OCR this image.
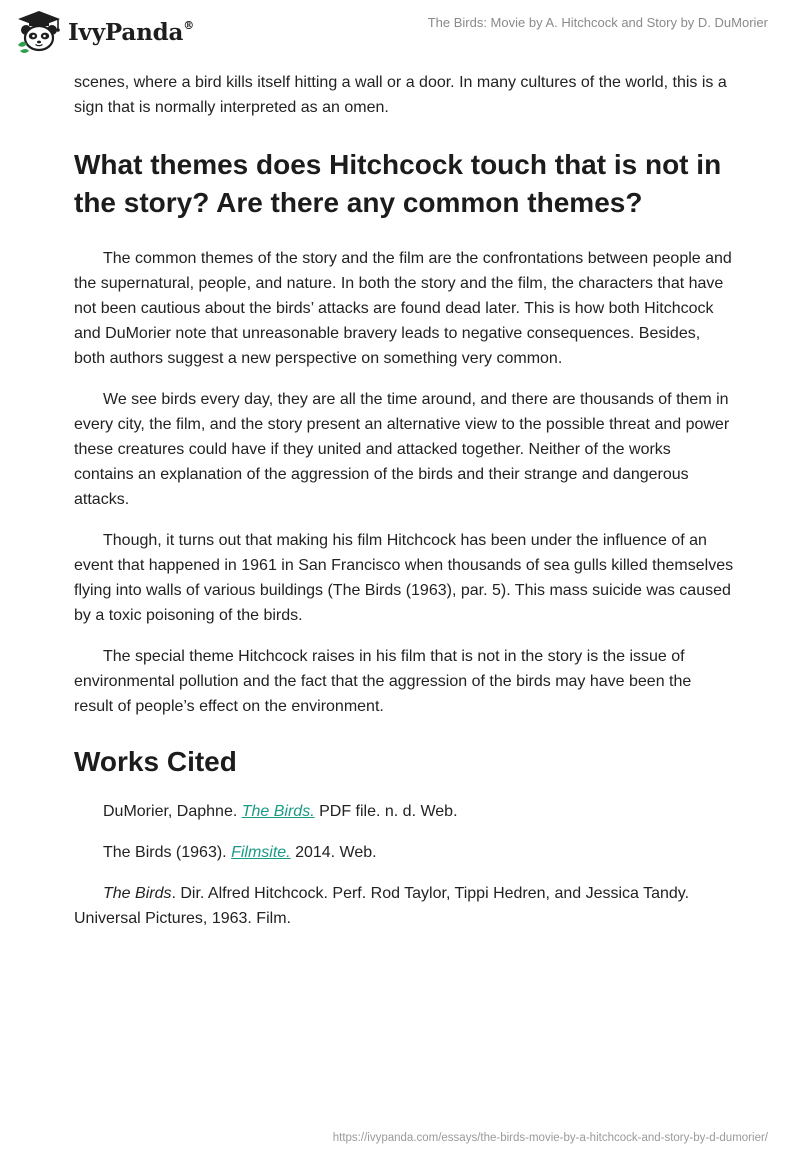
IvyPanda®	The Birds: Movie by A. Hitchcock and Story by D. DuMorier

scenes, where a bird kills itself hitting a wall or a door. In many cultures of the world, this is a sign that is normally interpreted as an omen.

What themes does Hitchcock touch that is not in the story? Are there any common themes?

The common themes of the story and the film are the confrontations between people and the supernatural, people, and nature. In both the story and the film, the characters that have not been cautious about the birds’ attacks are found dead later. This is how both Hitchcock and DuMorier note that unreasonable bravery leads to negative consequences. Besides, both authors suggest a new perspective on something very common.

We see birds every day, they are all the time around, and there are thousands of them in every city, the film, and the story present an alternative view to the possible threat and power these creatures could have if they united and attacked together. Neither of the works contains an explanation of the aggression of the birds and their strange and dangerous attacks.

Though, it turns out that making his film Hitchcock has been under the influence of an event that happened in 1961 in San Francisco when thousands of sea gulls killed themselves flying into walls of various buildings (The Birds (1963), par. 5). This mass suicide was caused by a toxic poisoning of the birds.

The special theme Hitchcock raises in his film that is not in the story is the issue of environmental pollution and the fact that the aggression of the birds may have been the result of people’s effect on the environment.

Works Cited

DuMorier, Daphne. The Birds. PDF file. n. d. Web.

The Birds (1963). Filmsite. 2014. Web.

The Birds. Dir. Alfred Hitchcock. Perf. Rod Taylor, Tippi Hedren, and Jessica Tandy. Universal Pictures, 1963. Film.

https://ivypanda.com/essays/the-birds-movie-by-a-hitchcock-and-story-by-d-dumorier/
